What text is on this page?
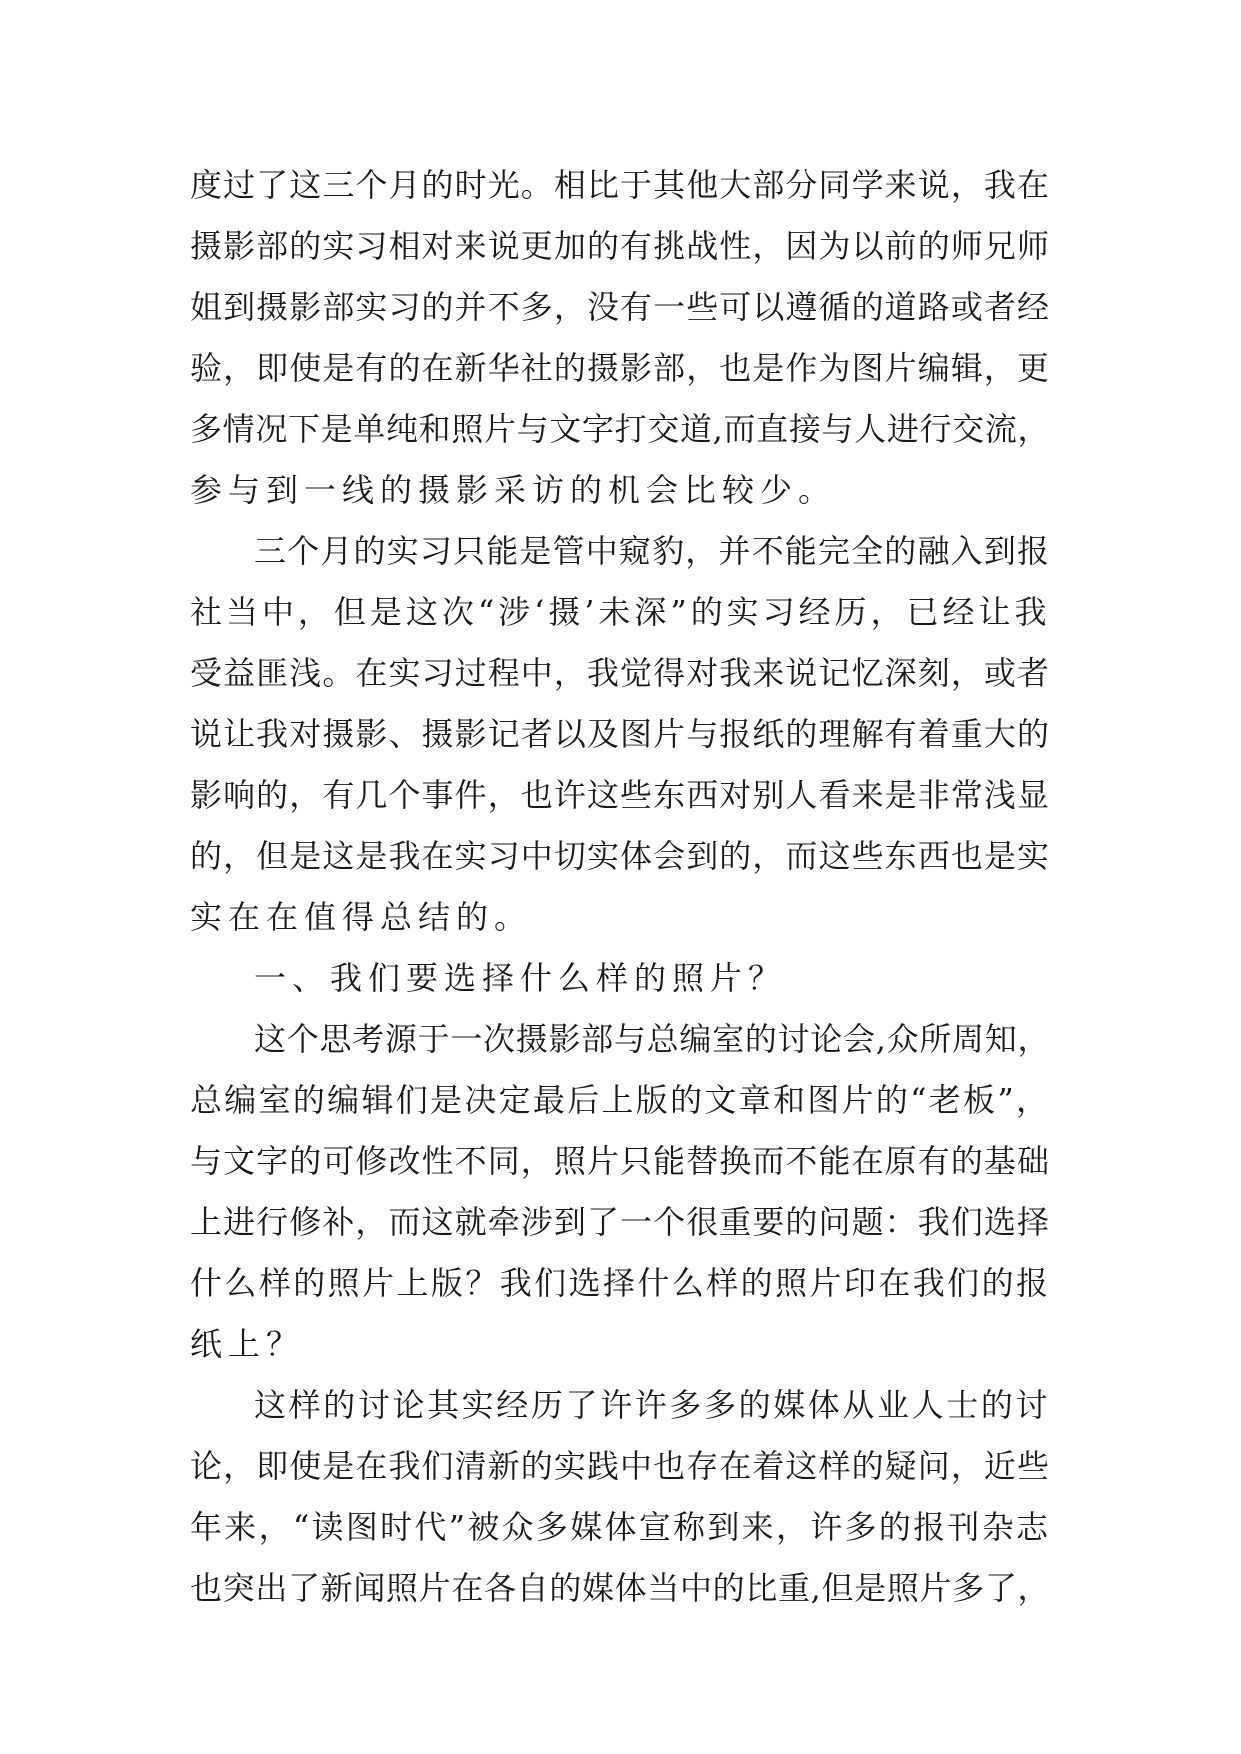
度过了这三个月的时光。相比于其他大部分同学来说，我在
摄影部的实习相对来说更加的有挑战性，因为以前的师兄师
姐到摄影部实习的并不多，没有一些可以遵循的道路或者经
验，即使是有的在新华社的摄影部，也是作为图片编辑，更
多情况下是单纯和照片与文字打交道,而直接与人进行交流，
参与到一线的摄影采访的机会比较少。
三个月的实习只能是管中窥豹，并不能完全的融入到报
社当中，但是这次“涉‘摄’未深”的实习经历，已经让我
受益匪浅。在实习过程中，我觉得对我来说记忆深刻，或者
说让我对摄影、摄影记者以及图片与报纸的理解有着重大的
影响的，有几个事件，也许这些东西对别人看来是非常浅显
的，但是这是我在实习中切实体会到的，而这些东西也是实
实在在值得总结的。
一、我们要选择什么样的照片？
这个思考源于一次摄影部与总编室的讨论会,众所周知，
总编室的编辑们是决定最后上版的文章和图片的“老板”，
与文字的可修改性不同，照片只能替换而不能在原有的基础
上进行修补，而这就牵涉到了一个很重要的问题：我们选择
什么样的照片上版？我们选择什么样的照片印在我们的报
纸上？
这样的讨论其实经历了许许多多的媒体从业人士的讨
论，即使是在我们清新的实践中也存在着这样的疑问，近些
年来，“读图时代”被众多媒体宣称到来，许多的报刊杂志
也突出了新闻照片在各自的媒体当中的比重,但是照片多了，
